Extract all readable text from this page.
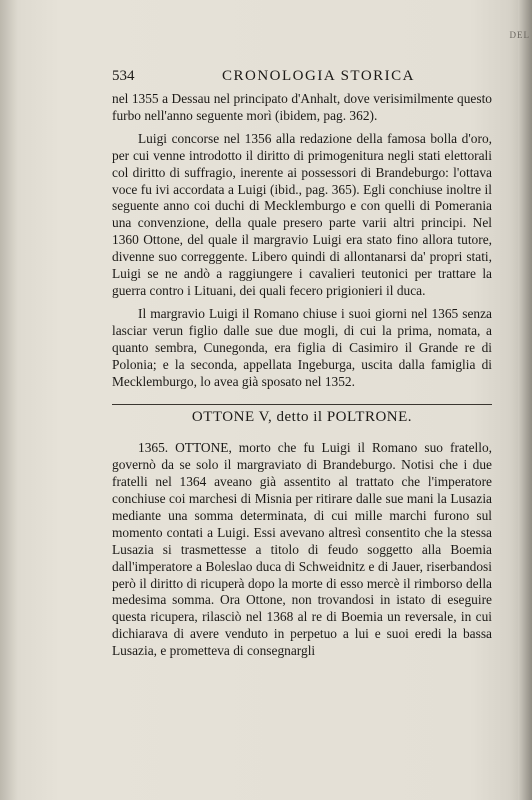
DEL
534	CRONOLOGIA STORICA

nel 1355 a Dessau nel principato d'Anhalt, dove verisimilmente questo furbo nell'anno seguente morì (ibidem, pag. 362).

Luigi concorse nel 1356 alla redazione della famosa bolla d'oro, per cui venne introdotto il diritto di primogenitura negli stati elettorali col diritto di suffragio, inerente ai possessori di Brandeburgo: l'ottava voce fu ivi accordata a Luigi (ibid., pag. 365). Egli conchiuse inoltre il seguente anno coi duchi di Mecklemburgo e con quelli di Pomerania una convenzione, della quale presero parte varii altri principi. Nel 1360 Ottone, del quale il margravio Luigi era stato fino allora tutore, divenne suo correggente. Libero quindi di allontanarsi da' propri stati, Luigi se ne andò a raggiungere i cavalieri teutonici per trattare la guerra contro i Lituani, dei quali fecero prigionieri il duca.

Il margravio Luigi il Romano chiuse i suoi giorni nel 1365 senza lasciar verun figlio dalle sue due mogli, di cui la prima, nomata, a quanto sembra, Cunegonda, era figlia di Casimiro il Grande re di Polonia; e la seconda, appellata Ingeburga, uscita dalla famiglia di Mecklemburgo, lo avea già sposato nel 1352.

OTTONE V, detto il POLTRONE.

1365. OTTONE, morto che fu Luigi il Romano suo fratello, governò da se solo il margraviato di Brandeburgo. Notisi che i due fratelli nel 1364 aveano già assentito al trattato che l'imperatore conchiuse coi marchesi di Misnia per ritirare dalle sue mani la Lusazia mediante una somma determinata, di cui mille marchi furono sul momento contati a Luigi. Essi avevano altresì consentito che la stessa Lusazia si trasmettesse a titolo di feudo soggetto alla Boemia dall'imperatore a Boleslao duca di Schweidnitz e di Jauer, riserbandosi però il diritto di ricuperà dopo la morte di esso mercè il rimborso della medesima somma. Ora Ottone, non trovandosi in istato di eseguire questa ricupera, rilasciò nel 1368 al re di Boemia un reversale, in cui dichiarava di avere venduto in perpetuo a lui e suoi eredi la bassa Lusazia, e prometteva di consegnargli
